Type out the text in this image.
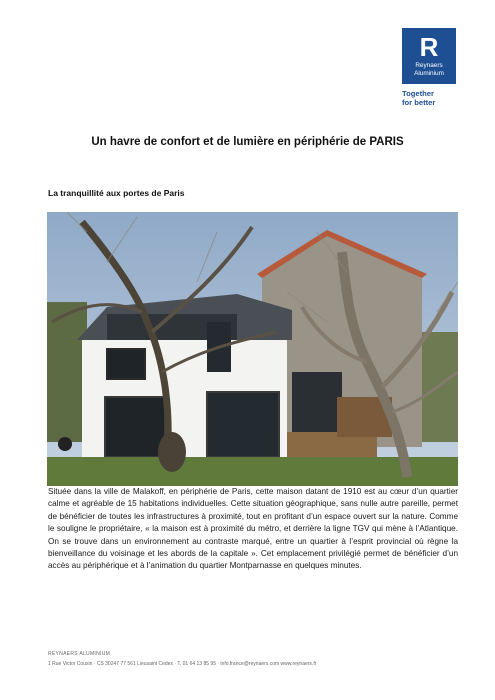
R
Reynaers
Aluminium
Together
for better
Un havre de confort et de lumière en périphérie de PARIS
La tranquillité aux portes de Paris

Située dans la ville de Malakoff, en périphérie de Paris, cette maison datant de 1910 est au cœur d’un quartier calme et agréable de 15 habitations individuelles. Cette situation géographique, sans nulle autre pareille, permet de bénéficier de toutes les infrastructures à proximité, tout en profitant d’un espace ouvert sur la nature. Comme le souligne le propriétaire, « la maison est à proximité du métro, et derrière la ligne TGV qui mène à l’Atlantique. On se trouve dans un environnement au contraste marqué, entre un quartier à l’esprit provincial où règne la bienveillance du voisinage et les abords de la capitale ». Cet emplacement privilégié permet de bénéficier d’un accès au périphérique et à l’animation du quartier Montparnasse en quelques minutes.

REYNAERS ALUMINIUM
1 Rue Victor Cousin · CS 30247 77 561 Lieusaint Cedex · T. 01 64 13 85 95 · info.france@reynaers.com www.reynaers.fr
